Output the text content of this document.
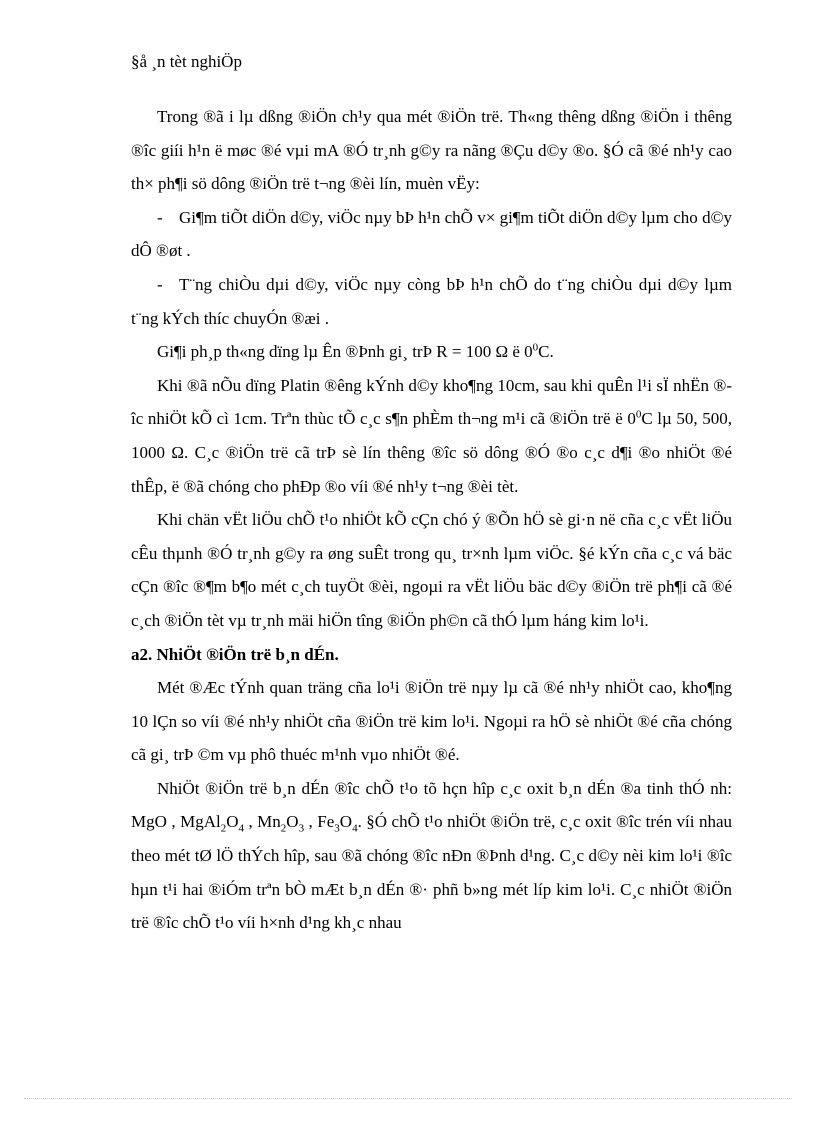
§å ¸n tèt nghiÖp

Trong ®ã i lµ dßng ®iÖn ch¹y qua mét ®iÖn trë. Th«ng thêng dßng ®iÖn i thêng ®îc giíi h¹n ë møc ®é vµi mA ®Ó tr¸nh g©y ra nãng ®Çu d©y ®o. §Ó cã ®é nh¹y cao th× ph¶i sö dông ®iÖn trë t¬ng ®èi lín, muèn vËy:

- Gi¶m tiÕt diÖn d©y, viÖc nµy bÞ h¹n chÕ v× gi¶m tiÕt diÖn d©y lµm cho d©y dÔ ®øt .

- T¨ng chiÒu dµi d©y, viÖc nµy còng bÞ h¹n chÕ do t¨ng chiÒu dµi d©y lµm t¨ng kÝch thíc chuyÓn ®æi .

Gi¶i ph¸p th«ng dïng lµ Ên ®Þnh gi¸ trÞ R = 100 Ω ë $0^0C$.

Khi ®ã nÕu dïng Platin ®êng kÝnh d©y kho¶ng 10cm, sau khi quÊn l¹i sÏ nhËn ®îc nhiÖt kÕ cì 1cm. Trªn thùc tÕ c¸c s¶n phÈm th¬ng m¹i cã ®iÖn trë ë $0^0C$ lµ 50, 500, 1000 Ω. C¸c ®iÖn trë cã trÞ sè lín thêng ®îc sö dông ®Ó ®o c¸c d¶i ®o nhiÖt ®é thÊp, ë ®ã chóng cho phÐp ®o víi ®é nh¹y t¬ng ®èi tèt.

Khi chän vËt liÖu chÕ t¹o nhiÖt kÕ cÇn chó ý ®Õn hÖ sè gi·n në cña c¸c vËt liÖu cÊu thµnh ®Ó tr¸nh g©y ra øng suÊt trong qu¸ tr×nh lµm viÖc. §é kÝn cña c¸c vá bäc cÇn ®îc ®¶m b¶o mét c¸ch tuyÖt ®èi, ngoµi ra vËt liÖu bäc d©y ®iÖn trë ph¶i cã ®é c¸ch ®iÖn tèt vµ tr¸nh mäi hiÖn tîng ®iÖn ph©n cã thÓ lµm háng kim lo¹i.

a2. NhiÖt ®iÖn trë b¸n dÉn.

Mét ®Æc tÝnh quan träng cña lo¹i ®iÖn trë nµy lµ cã ®é nh¹y nhiÖt cao, kho¶ng 10 lÇn so víi ®é nh¹y nhiÖt cña ®iÖn trë kim lo¹i. Ngoµi ra hÖ sè nhiÖt ®é cña chóng cã gi¸ trÞ ©m vµ phô thuéc m¹nh vµo nhiÖt ®é.

NhiÖt ®iÖn trë b¸n dÉn ®îc chÕ t¹o tõ hçn hîp c¸c oxit b¸n dÉn ®a tinh thÓ nh: MgO , $MgAl_2O_4$ , $Mn_2O_3$ , $Fe_3O_4$. §Ó chÕ t¹o nhiÖt ®iÖn trë, c¸c oxit ®îc trén víi nhau theo mét tØ lÖ thÝch hîp, sau ®ã chóng ®îc nÐn ®Þnh d¹ng. C¸c d©y nèi kim lo¹i ®îc hµn t¹i hai ®iÓm trªn bÒ mÆt b¸n dÉn ®· phñ b»ng mét líp kim lo¹i. C¸c nhiÖt ®iÖn trë ®îc chÕ t¹o víi h×nh d¹ng kh¸c nhau
